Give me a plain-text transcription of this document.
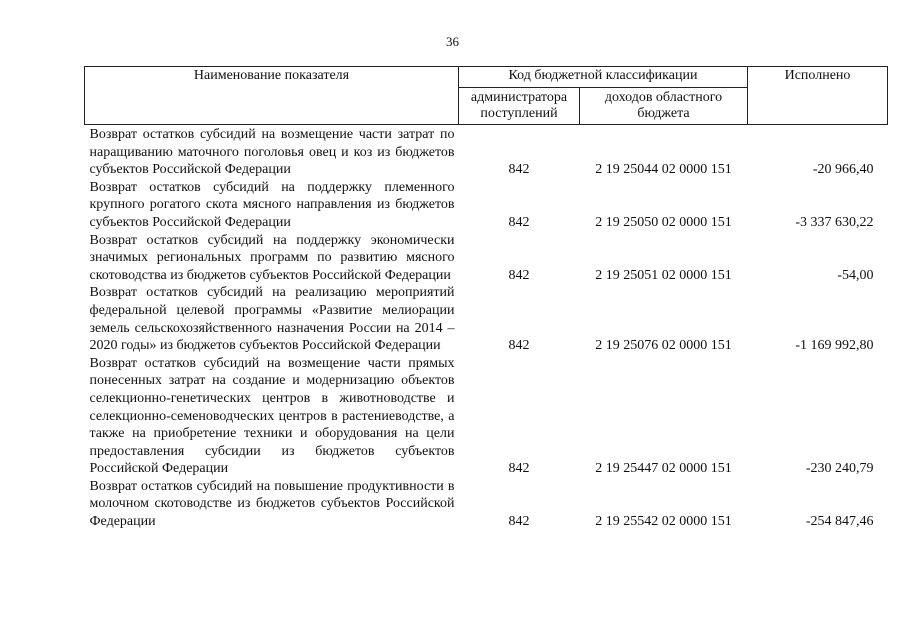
36
Наименование показателя	Код бюджетной классификации		Исполнено
	администратора поступлений	доходов областного бюджета	
Возврат остатков субсидий на возмещение части затрат по наращиванию маточного поголовья овец и коз из бюджетов субъектов Российской Федерации	842	2 19 25044 02 0000 151	-20 966,40
Возврат остатков субсидий на поддержку племенного крупного рогатого скота мясного направления из бюджетов субъектов Российской Федерации	842	2 19 25050 02 0000 151	-3 337 630,22
Возврат остатков субсидий на поддержку экономически значимых региональных программ по развитию мясного скотоводства из бюджетов субъектов Российской Федерации	842	2 19 25051 02 0000 151	-54,00
Возврат остатков субсидий на реализацию мероприятий федеральной целевой программы «Развитие мелиорации земель сельскохозяйственного назначения России на 2014 – 2020 годы» из бюджетов субъектов Российской Федерации	842	2 19 25076 02 0000 151	-1 169 992,80
Возврат остатков субсидий на возмещение части прямых понесенных затрат на создание и модернизацию объектов селекционно-генетических центров в животноводстве и селекционно-семеноводческих центров в растениеводстве, а также на приобретение техники и оборудования на цели предоставления субсидии из бюджетов субъектов Российской Федерации	842	2 19 25447 02 0000 151	-230 240,79
Возврат остатков субсидий на повышение продуктивности в молочном скотоводстве из бюджетов субъектов Российской Федерации	842	2 19 25542 02 0000 151	-254 847,46
